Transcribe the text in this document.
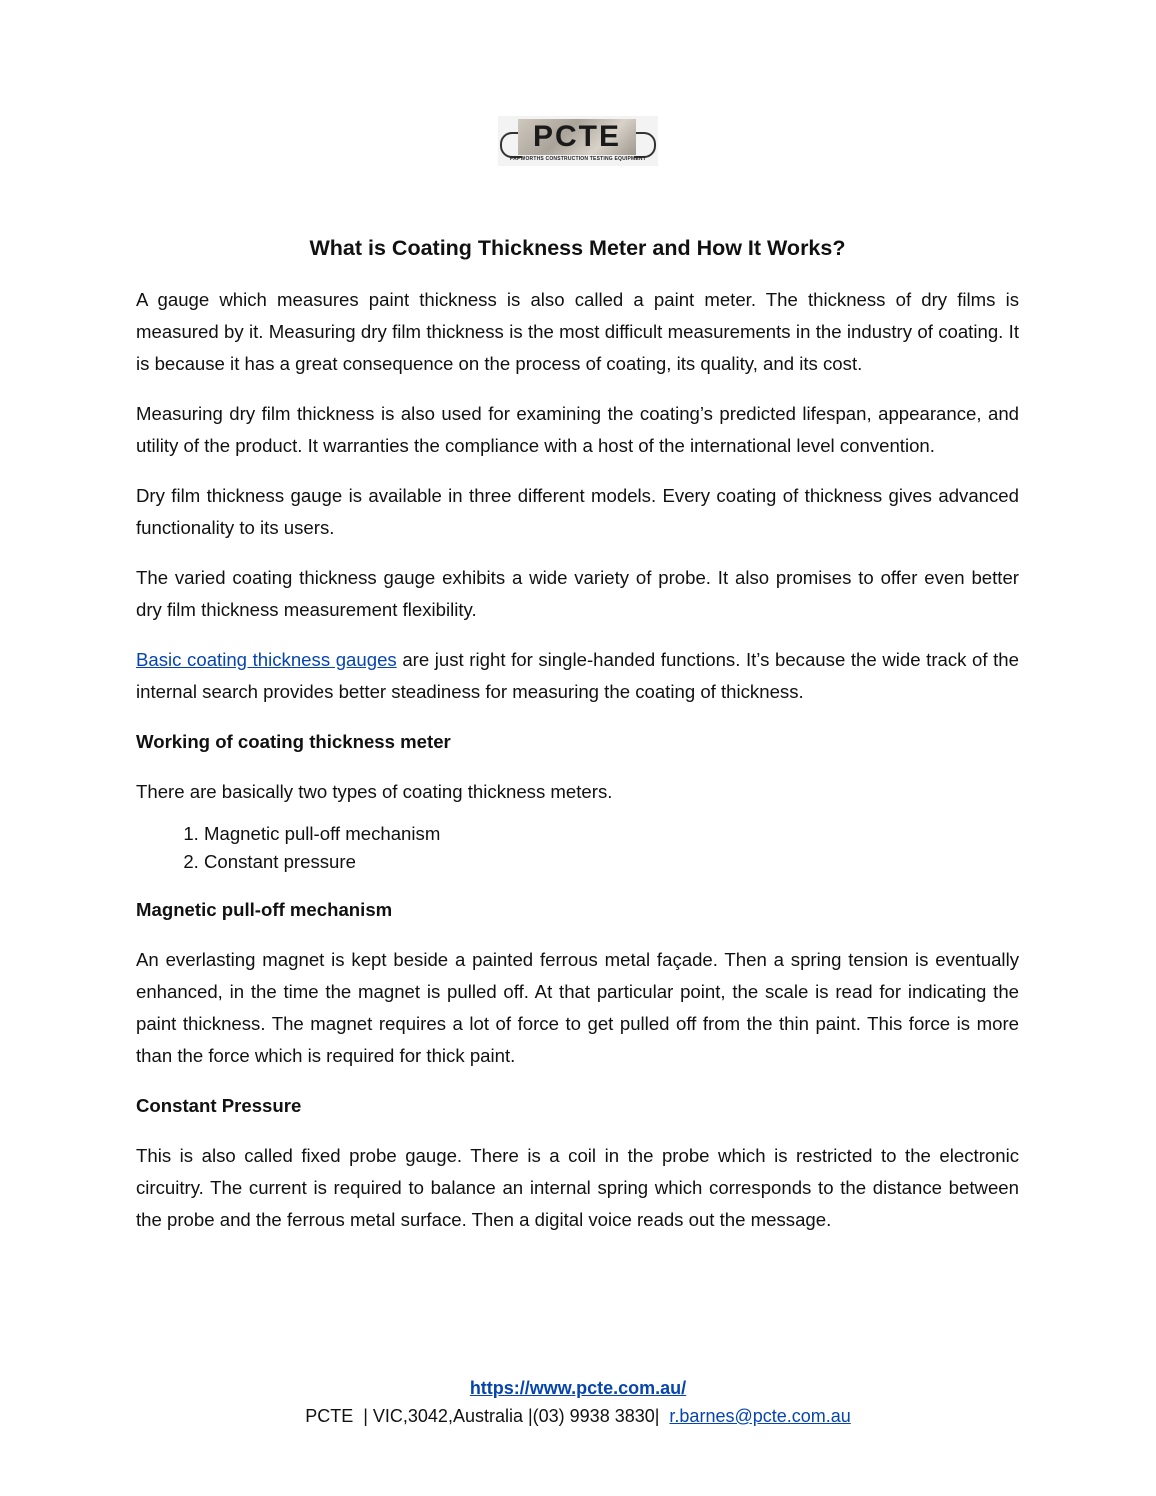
PCTE
PAPWORTHS CONSTRUCTION TESTING EQUIPMENT
What is Coating Thickness Meter and How It Works?

A gauge which measures paint thickness is also called a paint meter. The thickness of dry films is measured by it. Measuring dry film thickness is the most difficult measurements in the industry of coating. It is because it has a great consequence on the process of coating, its quality, and its cost.

Measuring dry film thickness is also used for examining the coating’s predicted lifespan, appearance, and utility of the product. It warranties the compliance with a host of the international level convention.

Dry film thickness gauge is available in three different models. Every coating of thickness gives advanced functionality to its users.

The varied coating thickness gauge exhibits a wide variety of probe. It also promises to offer even better dry film thickness measurement flexibility.

Basic coating thickness gauges are just right for single-handed functions. It’s because the wide track of the internal search provides better steadiness for measuring the coating of thickness.

Working of coating thickness meter

There are basically two types of coating thickness meters.

1. Magnetic pull-off mechanism
2. Constant pressure
Magnetic pull-off mechanism

An everlasting magnet is kept beside a painted ferrous metal façade. Then a spring tension is eventually enhanced, in the time the magnet is pulled off. At that particular point, the scale is read for indicating the paint thickness. The magnet requires a lot of force to get pulled off from the thin paint. This force is more than the force which is required for thick paint.

Constant Pressure

This is also called fixed probe gauge. There is a coil in the probe which is restricted to the electronic circuitry. The current is required to balance an internal spring which corresponds to the distance between the probe and the ferrous metal surface. Then a digital voice reads out the message.

https://www.pcte.com.au/
PCTE  | VIC,3042,Australia |(03) 9938 3830|  r.barnes@pcte.com.au
